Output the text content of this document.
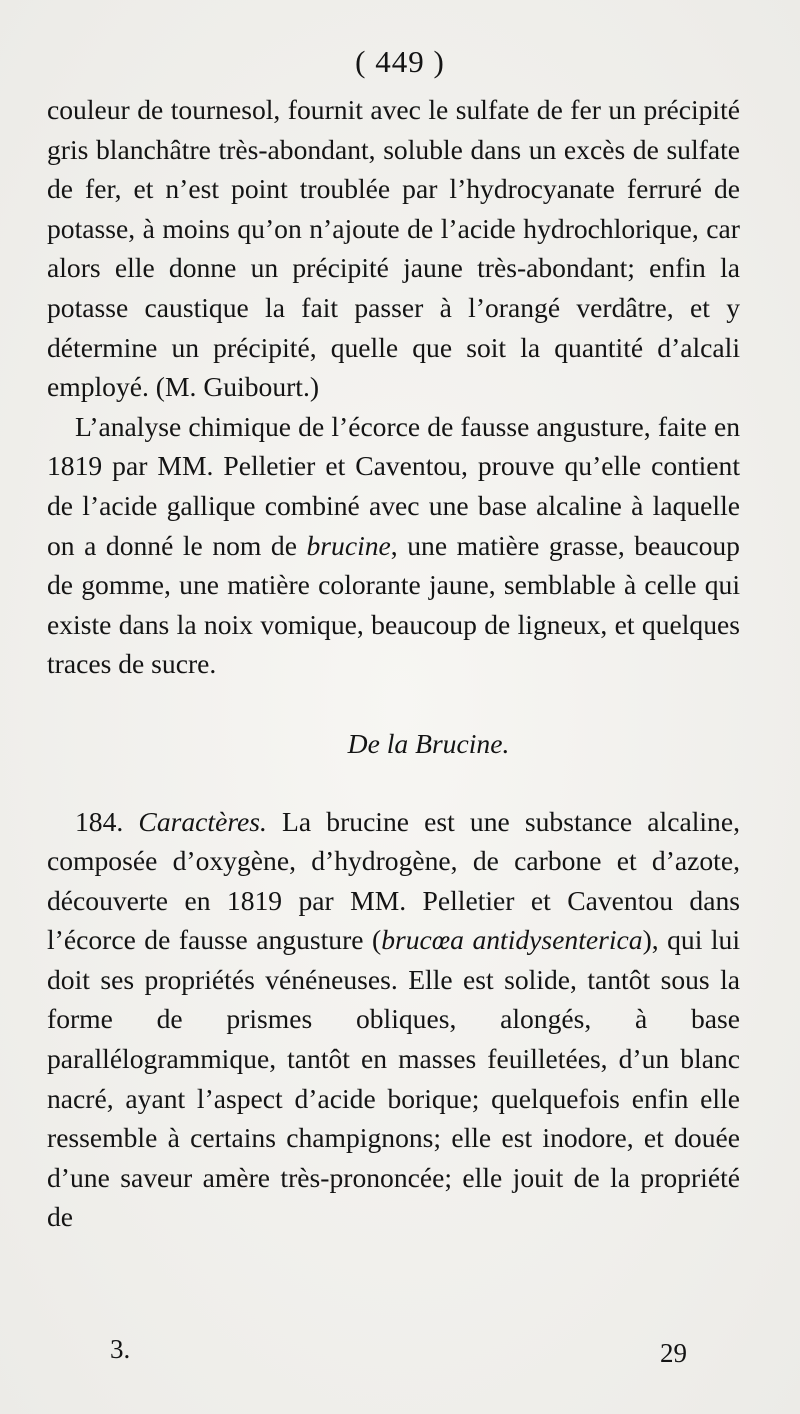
( 449 )

couleur de tournesol, fournit avec le sulfate de fer un précipité gris blanchâtre très-abondant, soluble dans un excès de sulfate de fer, et n’est point troublée par l’hydrocyanate ferruré de potasse, à moins qu’on n’ajoute de l’acide hydrochlorique, car alors elle donne un précipité jaune très-abondant; enfin la potasse caustique la fait passer à l’orangé verdâtre, et y détermine un précipité, quelle que soit la quantité d’alcali employé. (M. Guibourt.)

L’analyse chimique de l’écorce de fausse angusture, faite en 1819 par MM. Pelletier et Caventou, prouve qu’elle contient de l’acide gallique combiné avec une base alcaline à laquelle on a donné le nom de brucine, une matière grasse, beaucoup de gomme, une matière colorante jaune, semblable à celle qui existe dans la noix vomique, beaucoup de ligneux, et quelques traces de sucre.

De la Brucine.

184. Caractères. La brucine est une substance alcaline, composée d’oxygène, d’hydrogène, de carbone et d’azote, découverte en 1819 par MM. Pelletier et Caventou dans l’écorce de fausse angusture (brucœa antidysenterica), qui lui doit ses propriétés vénéneuses. Elle est solide, tantôt sous la forme de prismes obliques, alongés, à base parallélogrammique, tantôt en masses feuilletées, d’un blanc nacré, ayant l’aspect d’acide borique; quelquefois enfin elle ressemble à certains champignons; elle est inodore, et douée d’une saveur amère très-prononcée; elle jouit de la propriété de

3.	29
